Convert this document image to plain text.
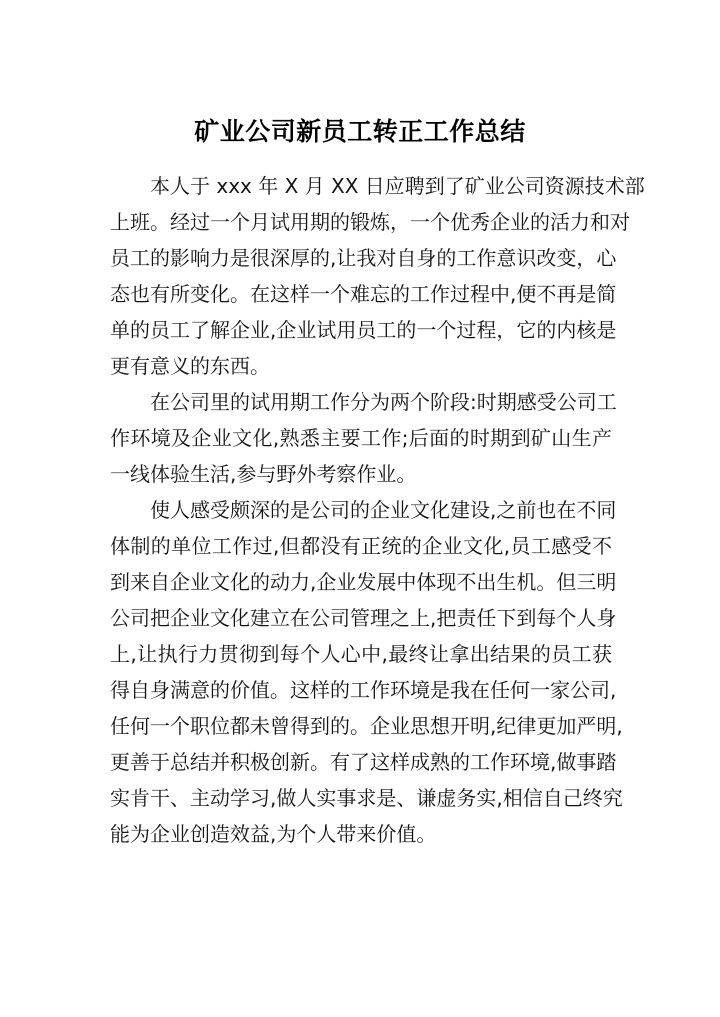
矿业公司新员工转正工作总结
本人于 xxx 年 X 月 XX 日应聘到了矿业公司资源技术部
上班。经过一个月试用期的锻炼，一个优秀企业的活力和对
员工的影响力是很深厚的,让我对自身的工作意识改变，心
态也有所变化。在这样一个难忘的工作过程中,便不再是简
单的员工了解企业,企业试用员工的一个过程，它的内核是
更有意义的东西。
在公司里的试用期工作分为两个阶段:时期感受公司工
作环境及企业文化,熟悉主要工作;后面的时期到矿山生产
一线体验生活,参与野外考察作业。
使人感受颇深的是公司的企业文化建设,之前也在不同
体制的单位工作过,但都没有正统的企业文化,员工感受不
到来自企业文化的动力,企业发展中体现不出生机。但三明
公司把企业文化建立在公司管理之上,把责任下到每个人身
上,让执行力贯彻到每个人心中,最终让拿出结果的员工获
得自身满意的价值。这样的工作环境是我在任何一家公司,
任何一个职位都未曾得到的。企业思想开明,纪律更加严明,
更善于总结并积极创新。有了这样成熟的工作环境,做事踏
实肯干、主动学习,做人实事求是、谦虚务实,相信自己终究
能为企业创造效益,为个人带来价值。
